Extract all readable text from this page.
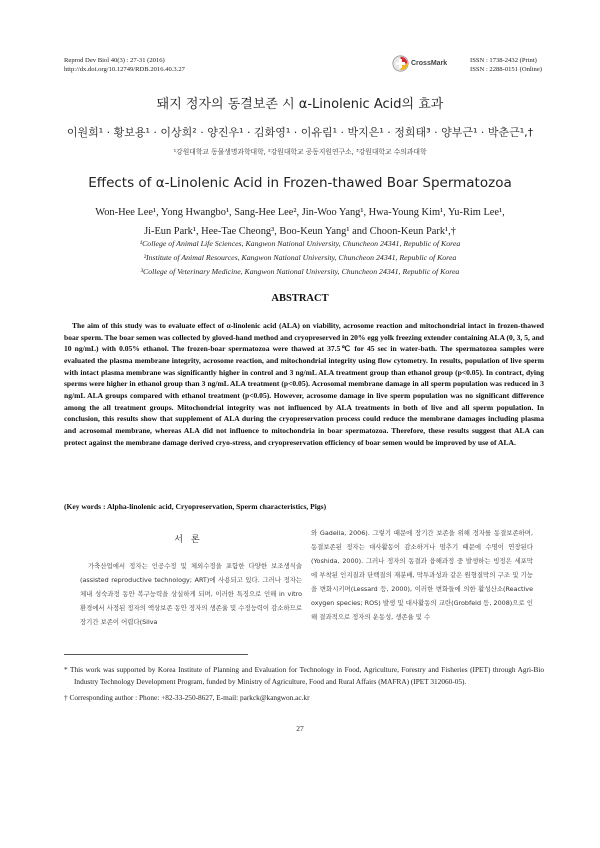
Reprod Dev Biol 40(3) : 27-31 (2016)
http://dx.doi.org/10.12749/RDB.2016.40.3.27
CrossMark	ISSN : 1738-2432 (Print)
ISSN : 2288-0151 (Online)
돼지 정자의 동결보존 시 α-Linolenic Acid의 효과
이원희¹ · 황보용¹ · 이상희² · 양진우¹ · 김화영¹ · 이유림¹ · 박지은¹ · 정희태³ · 양부근¹ · 박춘근¹,†
¹강원대학교 동물생명과학대학, ²강원대학교 공동지원연구소, ³강원대학교 수의과대학
Effects of α-Linolenic Acid in Frozen-thawed Boar Spermatozoa
Won-Hee Lee¹, Yong Hwangbo¹, Sang-Hee Lee², Jin-Woo Yang¹, Hwa-Young Kim¹, Yu-Rim Lee¹,
Ji-Eun Park¹, Hee-Tae Cheong³, Boo-Keun Yang¹ and Choon-Keun Park¹,†
¹College of Animal Life Sciences, Kangwon National University, Chuncheon 24341, Republic of Korea
²Institute of Animal Resources, Kangwon National University, Chuncheon 24341, Republic of Korea
³College of Veterinary Medicine, Kangwon National University, Chuncheon 24341, Republic of Korea
ABSTRACT
The aim of this study was to evaluate effect of α-linolenic acid (ALA) on viability, acrosome reaction and mitochondrial intact in frozen-thawed boar sperm. The boar semen was collected by gloved-hand method and cryopreserved in 20% egg yolk freezing extender containing ALA (0, 3, 5, and 10 ng/mL) with 0.05% ethanol. The frozen-boar spermatozoa were thawed at 37.5℃ for 45 sec in water-bath. The spermatozoa samples were evaluated the plasma membrane integrity, acrosome reaction, and mitochondrial integrity using flow cytometry. In results, population of live sperm with intact plasma membrane was significantly higher in control and 3 ng/mL ALA treatment group than ethanol group (p<0.05). In contract, dying sperms were higher in ethanol group than 3 ng/mL ALA treatment (p<0.05). Acrosomal membrane damage in all sperm population was reduced in 3 ng/mL ALA groups compared with ethanol treatment (p<0.05). However, acrosome damage in live sperm population was no significant difference among the all treatment groups. Mitochondrial integrity was not influenced by ALA treatments in both of live and all sperm population. In conclusion, this results show that supplement of ALA during the cryopreservation process could reduce the membrane damages including plasma and acrosomal membrane, whereas ALA did not influence to mitochondria in boar spermatozoa. Therefore, these results suggest that ALA can protect against the membrane damage derived cryo-stress, and cryopreservation efficiency of boar semen would be improved by use of ALA.
(Key words : Alpha-linolenic acid, Cryopreservation, Sperm characteristics, Pigs)
서론
가축산업에서 정자는 인공수정 및 체외수정을 포함한 다양한 보조생식술(assisted reproductive technology; ART)에 사용되고 있다. 그러나 정자는 체내 성숙과정 동안 복구능력을 상실하게 되며, 이러한 특징으로 인해 in vitro 환경에서 사정된 정자의 액상보존 동안 정자의 생존율 및 수정능력이 감소하므로 장기간 보존이 어렵다(Silva
와 Gadella, 2006). 그렇기 때문에 장기간 보존을 위해 정자를 동결보존하며, 동결보존된 정자는 대사활동이 감소하거나 멈추기 때문에 수명이 연장된다(Yoshida, 2000). 그러나 정자의 동결과 융해과정 중 발생하는 빙정은 세포막에 부착된 인지질과 단백질의 재분배, 막투과성과 같은 원형질막의 구조 및 기능을 변화시키며(Lessard 등, 2000), 이러한 변화들에 의한 활성산소(Reactive oxygen species; ROS) 발생 및 대사활동의 교란(Grobfeld 등, 2008)으로 인해 결과적으로 정자의 운동성, 생존율 및 수

* This work was supported by Korea Institute of Planning and Evaluation for Technology in Food, Agriculture, Forestry and Fisheries (IPET) through Agri-Bio Industry Technology Development Program, funded by Ministry of Agriculture, Food and Rural Affairs (MAFRA) (IPET 312060-05).

† Corresponding author : Phone: +82-33-250-8627, E-mail: parkck@kangwon.ac.kr

27
